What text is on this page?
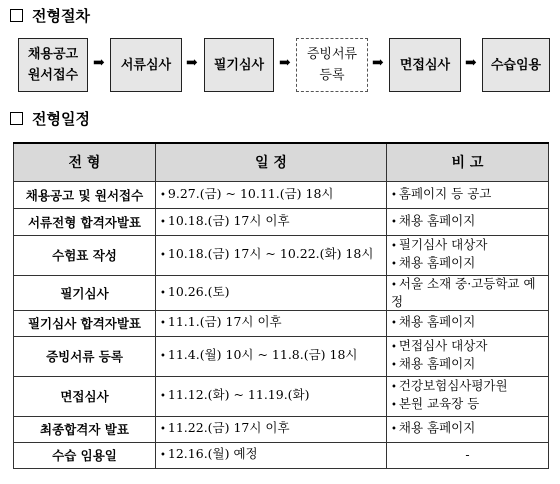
전형절차
채용공고
원서접수
➡ 서류심사 ➡ 필기심사 ➡
증빙서류
등록
➡ 면접심사 ➡ 수습임용
전형일정
전 형	일 정	비 고
채용공고 및 원서접수	• 9.27.(금) ~ 10.11.(금) 18시	• 홈페이지 등 공고

서류전형 합격자발표	• 10.18.(금) 17시 이후	• 채용 홈페이지

수험표 작성	• 10.18.(금) 17시 ~ 10.22.(화) 18시	• 필기심사 대상자
• 채용 홈페이지

필기심사	• 10.26.(토)	• 서울 소재 중·고등학교 예정

필기심사 합격자발표	• 11.1.(금) 17시 이후	• 채용 홈페이지

증빙서류 등록	• 11.4.(월) 10시 ~ 11.8.(금) 18시	• 면접심사 대상자
• 채용 홈페이지

면접심사	• 11.12.(화) ~ 11.19.(화)	• 건강보험심사평가원
• 본원 교육장 등

최종합격자 발표	• 11.22.(금) 17시 이후	• 채용 홈페이지

수습 임용일	• 12.16.(월) 예정	-
